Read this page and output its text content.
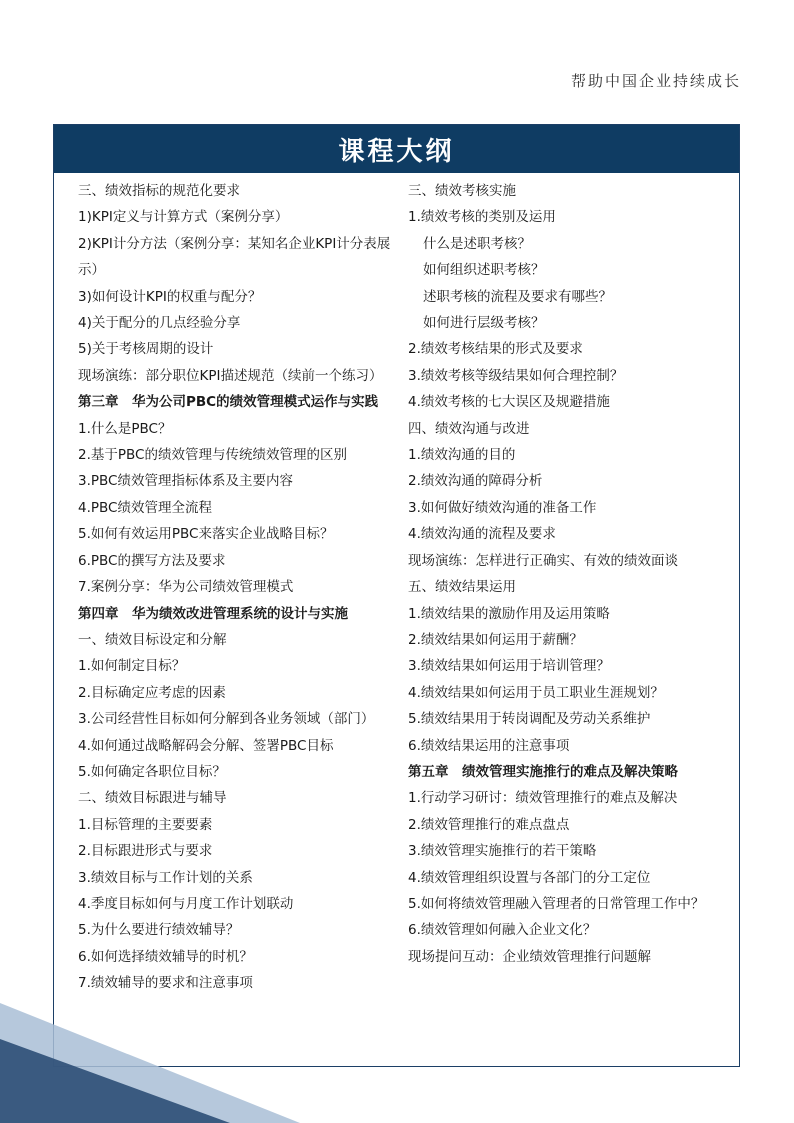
帮助中国企业持续成长
课程大纲
三、绩效指标的规范化要求
1)KPI定义与计算方式（案例分享）
2)KPI计分方法（案例分享：某知名企业KPI计分表展示）
3)如何设计KPI的权重与配分？
4)关于配分的几点经验分享
5)关于考核周期的设计
现场演练：部分职位KPI描述规范（续前一个练习）
第三章　华为公司PBC的绩效管理模式运作与实践
1.什么是PBC？
2.基于PBC的绩效管理与传统绩效管理的区别
3.PBC绩效管理指标体系及主要内容
4.PBC绩效管理全流程
5.如何有效运用PBC来落实企业战略目标？
6.PBC的撰写方法及要求
7.案例分享：华为公司绩效管理模式
第四章　华为绩效改进管理系统的设计与实施
一、绩效目标设定和分解
1.如何制定目标？
2.目标确定应考虑的因素
3.公司经营性目标如何分解到各业务领域（部门）
4.如何通过战略解码会分解、签署PBC目标
5.如何确定各职位目标？
二、绩效目标跟进与辅导
1.目标管理的主要要素
2.目标跟进形式与要求
3.绩效目标与工作计划的关系
4.季度目标如何与月度工作计划联动
5.为什么要进行绩效辅导？
6.如何选择绩效辅导的时机？
7.绩效辅导的要求和注意事项
三、绩效考核实施
1.绩效考核的类别及运用
什么是述职考核？
如何组织述职考核？
述职考核的流程及要求有哪些？
如何进行层级考核？
2.绩效考核结果的形式及要求
3.绩效考核等级结果如何合理控制？
4.绩效考核的七大误区及规避措施
四、绩效沟通与改进
1.绩效沟通的目的
2.绩效沟通的障碍分析
3.如何做好绩效沟通的准备工作
4.绩效沟通的流程及要求
现场演练：怎样进行正确实、有效的绩效面谈
五、绩效结果运用
1.绩效结果的激励作用及运用策略
2.绩效结果如何运用于薪酬？
3.绩效结果如何运用于培训管理？
4.绩效结果如何运用于员工职业生涯规划？
5.绩效结果用于转岗调配及劳动关系维护
6.绩效结果运用的注意事项
第五章　绩效管理实施推行的难点及解决策略
1.行动学习研讨：绩效管理推行的难点及解决
2.绩效管理推行的难点盘点
3.绩效管理实施推行的若干策略
4.绩效管理组织设置与各部门的分工定位
5.如何将绩效管理融入管理者的日常管理工作中？
6.绩效管理如何融入企业文化？
现场提问互动：企业绩效管理推行问题解
